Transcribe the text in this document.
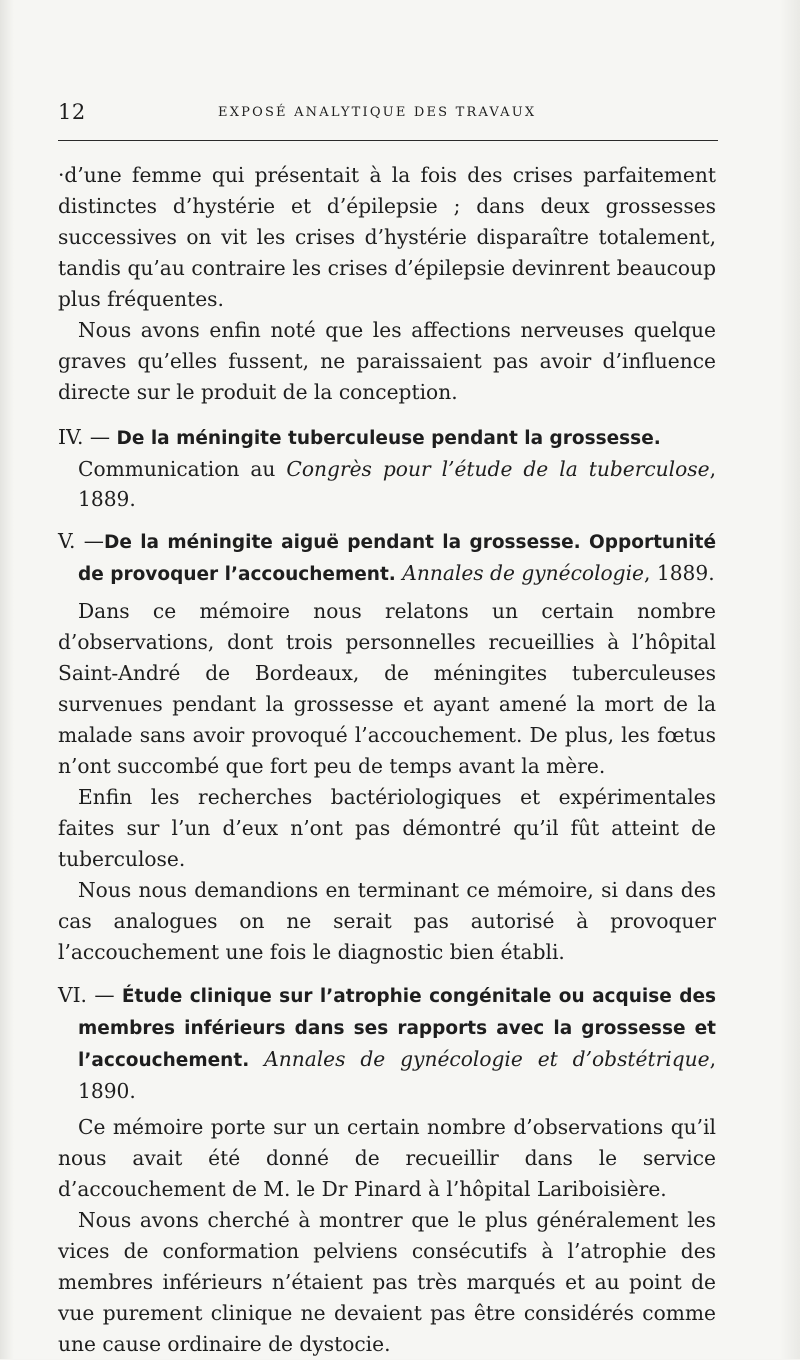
12	EXPOSÉ ANALYTIQUE DES TRAVAUX

·d’une femme qui présentait à la fois des crises parfaitement distinctes d’hystérie et d’épilepsie ; dans deux grossesses successives on vit les crises d’hystérie disparaître totalement, tandis qu’au contraire les crises d’épilepsie devinrent beaucoup plus fréquentes.

Nous avons enfin noté que les affections nerveuses quelque graves qu’elles fussent, ne paraissaient pas avoir d’influence directe sur le produit de la conception.

IV. — De la méningite tuberculeuse pendant la grossesse.
Communication au Congrès pour l’étude de la tuberculose, 1889.

V. —De la méningite aiguë pendant la grossesse. Opportunité de provoquer l’accouchement. Annales de gynécologie, 1889.

Dans ce mémoire nous relatons un certain nombre d’observations, dont trois personnelles recueillies à l’hôpital Saint-André de Bordeaux, de méningites tuberculeuses survenues pendant la grossesse et ayant amené la mort de la malade sans avoir provoqué l’accouchement. De plus, les fœtus n’ont succombé que fort peu de temps avant la mère.

Enfin les recherches bactériologiques et expérimentales faites sur l’un d’eux n’ont pas démontré qu’il fût atteint de tuberculose.

Nous nous demandions en terminant ce mémoire, si dans des cas analogues on ne serait pas autorisé à provoquer l’accouchement une fois le diagnostic bien établi.

VI. — Étude clinique sur l’atrophie congénitale ou acquise des membres inférieurs dans ses rapports avec la grossesse et l’accouchement. Annales de gynécologie et d’obstétrique, 1890.

Ce mémoire porte sur un certain nombre d’observations qu’il nous avait été donné de recueillir dans le service d’accouchement de M. le Dr Pinard à l’hôpital Lariboisière.

Nous avons cherché à montrer que le plus généralement les vices de conformation pelviens consécutifs à l’atrophie des membres inférieurs n’étaient pas très marqués et au point de vue purement clinique ne devaient pas être considérés comme une cause ordinaire de dystocie.
